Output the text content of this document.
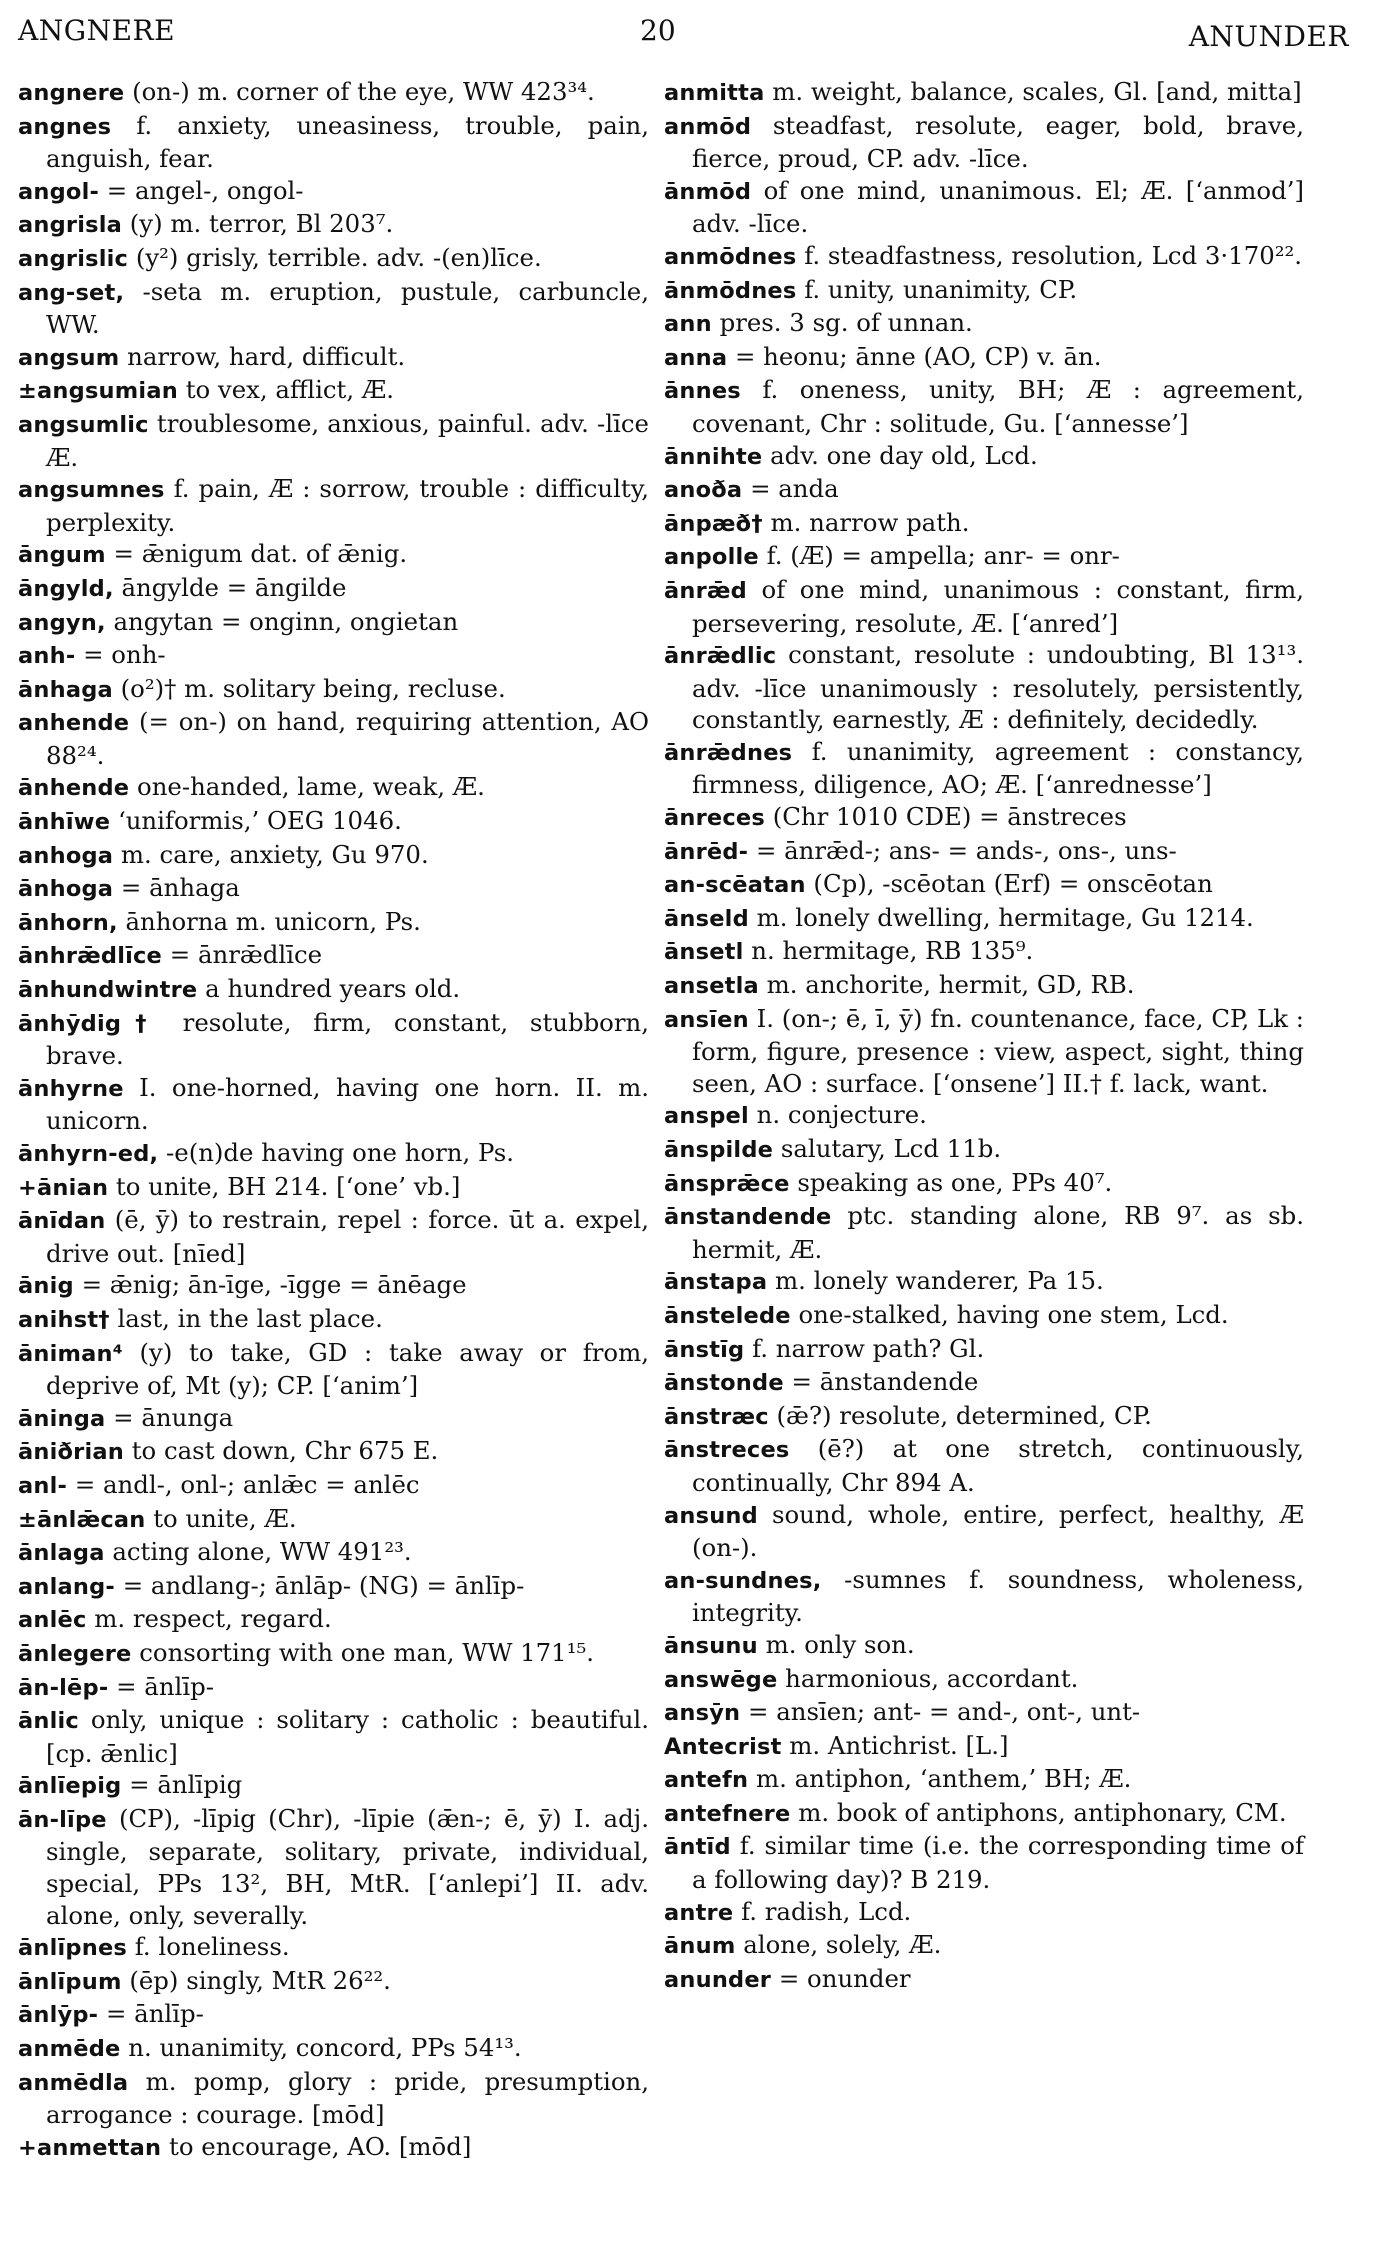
ANGNERE	20	ANUNDER
angnere (on-) m. corner of the eye, WW 423³⁴.
angnes f. anxiety, uneasiness, trouble, pain, anguish, fear.
angol- = angel-, ongol-
angrisla (y) m. terror, Bl 203⁷.
angrislic (y²) grisly, terrible. adv. -(en)līce.
ang-set, -seta m. eruption, pustule, carbuncle, WW.
angsum narrow, hard, difficult.
±angsumian to vex, afflict, Æ.
angsumlic troublesome, anxious, painful. adv. -līce Æ.
angsumnes f. pain, Æ : sorrow, trouble : difficulty, perplexity.
āngum = ǣnigum dat. of ǣnig.
āngyld, āngylde = āngilde
angyn, angytan = onginn, ongietan
anh- = onh-
ānhaga (o²)† m. solitary being, recluse.
anhende (= on-) on hand, requiring attention, AO 88²⁴.
ānhende one-handed, lame, weak, Æ.
ānhīwe ‘uniformis,’ OEG 1046.
anhoga m. care, anxiety, Gu 970.
ānhoga = ānhaga
ānhorn, ānhorna m. unicorn, Ps.
ānhrǣdlīce = ānrǣdlīce
ānhundwintre a hundred years old.
ānhȳdig† resolute, firm, constant, stubborn, brave.
ānhyrne I. one-horned, having one horn. II. m. unicorn.
ānhyrn-ed, -e(n)de having one horn, Ps.
+ānian to unite, BH 214. [‘one’ vb.]
ānīdan (ē, ȳ) to restrain, repel : force. ūt a. expel, drive out. [nīed]
ānig = ǣnig; ān-īge, -īgge = ānēage
anihst† last, in the last place.
āniman⁴ (y) to take, GD : take away or from, deprive of, Mt (y); CP. [‘anim’]
āninga = ānunga
āniðrian to cast down, Chr 675 E.
anl- = andl-, onl-; anlǣc = anlēc
±ānlǣcan to unite, Æ.
ānlaga acting alone, WW 491²³.
anlang- = andlang-; ānlāp- (NG) = ānlīp-
anlēc m. respect, regard.
ānlegere consorting with one man, WW 171¹⁵.
ān-lēp- = ānlīp-
ānlic only, unique : solitary : catholic : beautiful. [cp. ǣnlic]
ānlīepig = ānlīpig
ān-līpe (CP), -līpig (Chr), -līpie (ǣn-; ē, ȳ) I. adj. single, separate, solitary, private, individual, special, PPs 13², BH, MtR. [‘anlepi’] II. adv. alone, only, severally.
ānlīpnes f. loneliness.
ānlīpum (ēp) singly, MtR 26²².
ānlȳp- = ānlīp-
anmēde n. unanimity, concord, PPs 54¹³.
anmēdla m. pomp, glory : pride, presumption, arrogance : courage. [mōd]
+anmettan to encourage, AO. [mōd]
anmitta m. weight, balance, scales, Gl. [and, mitta]
anmōd steadfast, resolute, eager, bold, brave, fierce, proud, CP. adv. -līce.
ānmōd of one mind, unanimous. El; Æ. [‘anmod’] adv. -līce.
anmōdnes f. steadfastness, resolution, Lcd 3·170²².
ānmōdnes f. unity, unanimity, CP.
ann pres. 3 sg. of unnan.
anna = heonu; ānne (AO, CP) v. ān.
ānnes f. oneness, unity, BH; Æ : agreement, covenant, Chr : solitude, Gu. [‘annesse’]
ānnihte adv. one day old, Lcd.
anoða = anda
ānpæð† m. narrow path.
anpolle f. (Æ) = ampella; anr- = onr-
ānrǣd of one mind, unanimous : constant, firm, persevering, resolute, Æ. [‘anred’]
ānrǣdlic constant, resolute : undoubting, Bl 13¹³. adv. -līce unanimously : resolutely, persistently, constantly, earnestly, Æ : definitely, decidedly.
ānrǣdnes f. unanimity, agreement : constancy, firmness, diligence, AO; Æ. [‘anrednesse’]
ānreces (Chr 1010 CDE) = ānstreces
ānrēd- = ānrǣd-; ans- = ands-, ons-, uns-
an-scēatan (Cp), -scēotan (Erf) = onscēotan
ānseld m. lonely dwelling, hermitage, Gu 1214.
ānsetl n. hermitage, RB 135⁹.
ansetla m. anchorite, hermit, GD, RB.
ansīen I. (on-; ē, ī, ȳ) fn. countenance, face, CP, Lk : form, figure, presence : view, aspect, sight, thing seen, AO : surface. [‘onsene’] II.† f. lack, want.
anspel n. conjecture.
ānspilde salutary, Lcd 11b.
ānsprǣce speaking as one, PPs 40⁷.
ānstandende ptc. standing alone, RB 9⁷. as sb. hermit, Æ.
ānstapa m. lonely wanderer, Pa 15.
ānstelede one-stalked, having one stem, Lcd.
ānstīg f. narrow path? Gl.
ānstonde = ānstandende
ānstræc (ǣ?) resolute, determined, CP.
ānstreces (ē?) at one stretch, continuously, continually, Chr 894 A.
ansund sound, whole, entire, perfect, healthy, Æ (on-).
an-sundnes, -sumnes f. soundness, wholeness, integrity.
ānsunu m. only son.
answēge harmonious, accordant.
ansȳn = ansīen; ant- = and-, ont-, unt-
Antecrist m. Antichrist. [L.]
antefn m. antiphon, ‘anthem,’ BH; Æ.
antefnere m. book of antiphons, antiphonary, CM.
āntīd f. similar time (i.e. the corresponding time of a following day)? B 219.
antre f. radish, Lcd.
ānum alone, solely, Æ.
anunder = onunder
